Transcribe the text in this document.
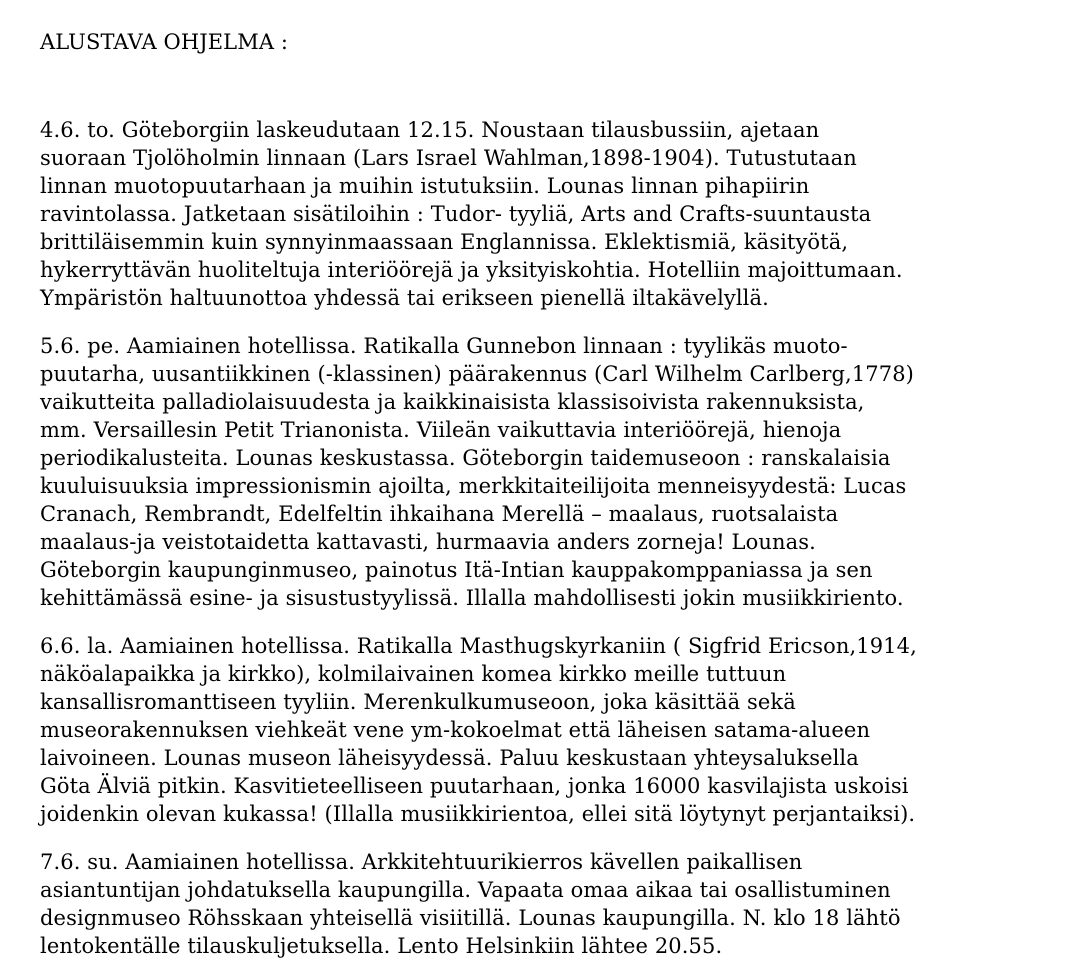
ALUSTAVA OHJELMA :
4.6. to. Göteborgiin laskeudutaan 12.15. Noustaan tilausbussiin, ajetaan
suoraan Tjolöholmin linnaan (Lars Israel Wahlman,1898-1904). Tutustutaan
linnan muotopuutarhaan ja muihin istutuksiin. Lounas linnan pihapiirin
ravintolassa. Jatketaan sisätiloihin : Tudor- tyyliä, Arts and Crafts-suuntausta
brittiläisemmin kuin synnyinmaassaan Englannissa. Eklektismiä, käsityötä,
hykerryttävän huoliteltuja interiöörejä ja yksityiskohtia. Hotelliin majoittumaan.
Ympäristön haltuunottoa yhdessä tai erikseen pienellä iltakävelyllä.
5.6. pe. Aamiainen hotellissa. Ratikalla Gunnebon linnaan : tyylikäs muoto-
puutarha, uusantiikkinen (-klassinen) päärakennus (Carl Wilhelm Carlberg,1778)
vaikutteita palladiolaisuudesta ja kaikkinaisista klassisoivista rakennuksista,
mm. Versaillesin Petit Trianonista. Viileän vaikuttavia interiöörejä, hienoja
periodikalusteita. Lounas keskustassa. Göteborgin taidemuseoon : ranskalaisia
kuuluisuuksia impressionismin ajoilta, merkkitaiteilijoita menneisyydestä: Lucas
Cranach, Rembrandt, Edelfeltin ihkaihana Merellä – maalaus, ruotsalaista
maalaus-ja veistotaidetta kattavasti, hurmaavia anders zorneja! Lounas.
Göteborgin kaupunginmuseo, painotus Itä-Intian kauppakomppaniassa ja sen
kehittämässä esine- ja sisustustyylissä. Illalla mahdollisesti jokin musiikkiriento.
6.6. la. Aamiainen hotellissa. Ratikalla Masthugskyrkaniin ( Sigfrid Ericson,1914,
näköalapaikka ja kirkko), kolmilaivainen komea kirkko meille tuttuun
kansallisromanttiseen tyyliin. Merenkulkumuseoon, joka käsittää sekä
museorakennuksen viehkeät vene ym-kokoelmat että läheisen satama-alueen
laivoineen. Lounas museon läheisyydessä. Paluu keskustaan yhteysaluksella
Göta Älviä pitkin. Kasvitieteelliseen puutarhaan, jonka 16000 kasvilajista uskoisi
joidenkin olevan kukassa! (Illalla musiikkirientoa, ellei sitä löytynyt perjantaiksi).
7.6. su. Aamiainen hotellissa. Arkkitehtuurikierros kävellen paikallisen
asiantuntijan johdatuksella kaupungilla. Vapaata omaa aikaa tai osallistuminen
designmuseo Röhsskaan yhteisellä visiitillä. Lounas kaupungilla. N. klo 18 lähtö
lentokentälle tilauskuljetuksella. Lento Helsinkiin lähtee 20.55.
